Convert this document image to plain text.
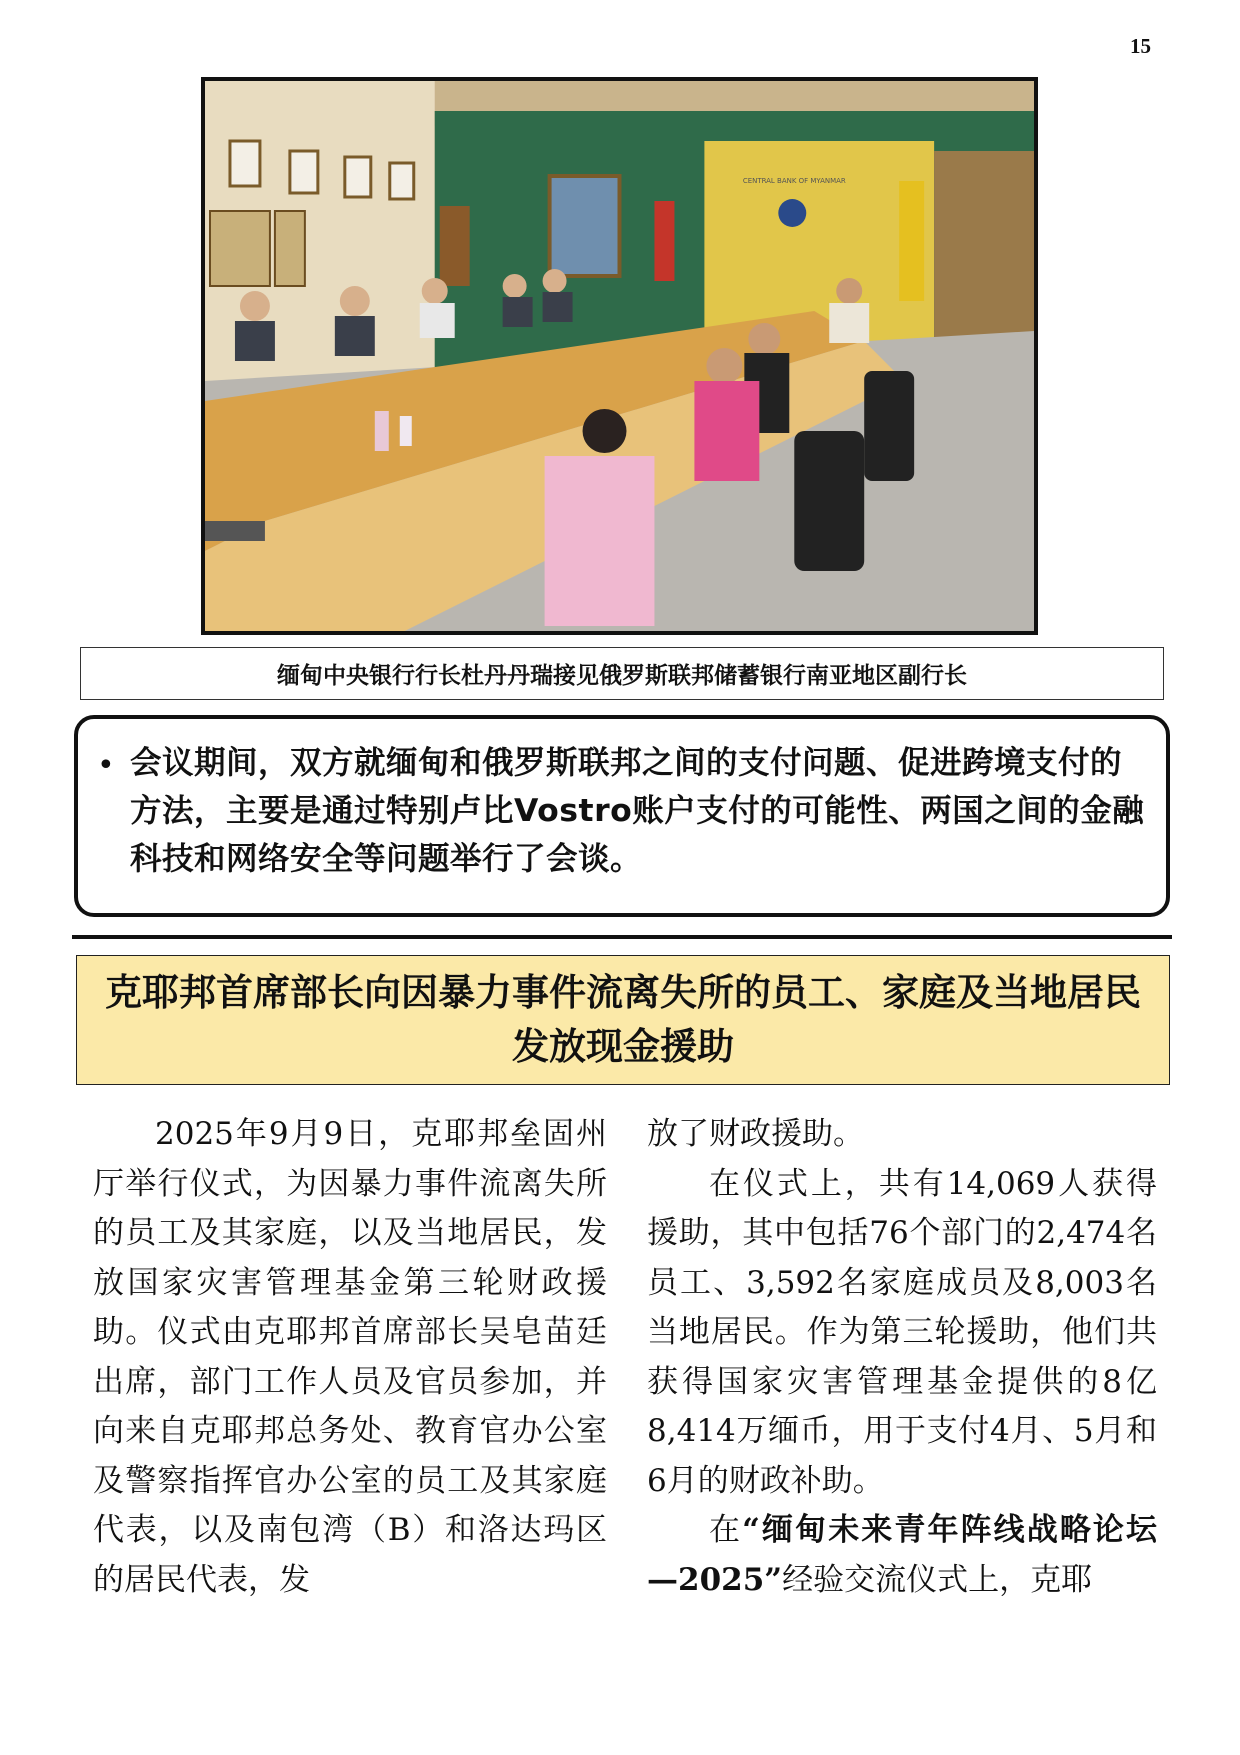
15
CENTRAL BANK OF MYANMAR
缅甸中央银行行长杜丹丹瑞接见俄罗斯联邦储蓄银行南亚地区副行长
• 会议期间，双方就缅甸和俄罗斯联邦之间的支付问题、促进跨境支付的方法，主要是通过特别卢比Vostro账户支付的可能性、两国之间的金融科技和网络安全等问题举行了会谈。
克耶邦首席部长向因暴力事件流离失所的员工、家庭及当地居民
发放现金援助

2025年9月9日，克耶邦垒固州厅举行仪式，为因暴力事件流离失所的员工及其家庭，以及当地居民，发放国家灾害管理基金第三轮财政援助。仪式由克耶邦首席部长吴皂苗廷出席，部门工作人员及官员参加，并向来自克耶邦总务处、教育官办公室及警察指挥官办公室的员工及其家庭代表，以及南包湾（B）和洛达玛区的居民代表，发

放了财政援助。

在仪式上，共有14,069人获得援助，其中包括76个部门的2,474名员工、3,592名家庭成员及8,003名当地居民。作为第三轮援助，他们共获得国家灾害管理基金提供的8亿8,414万缅币，用于支付4月、5月和6月的财政补助。

在“缅甸未来青年阵线战略论坛—2025”经验交流仪式上，克耶
